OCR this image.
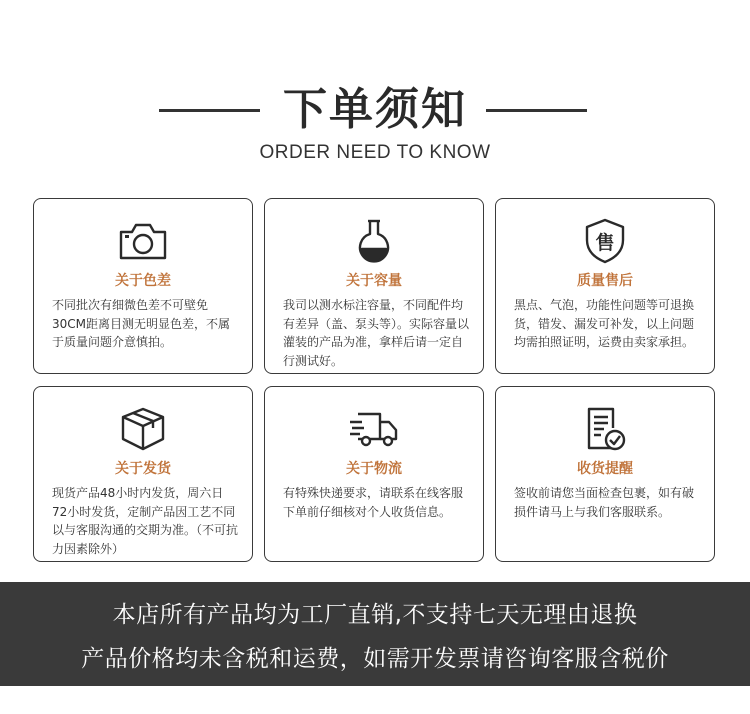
下单须知
ORDER NEED TO KNOW
关于色差
不同批次有细微色差不可壁免30CM距离目测无明显色差，不属于质量问题介意慎拍。
关于容量
我司以测水标注容量，不同配件均有差异（盖、泵头等）。实际容量以灌装的产品为准，拿样后请一定自行测试好。
售
质量售后
黑点、气泡，功能性问题等可退换货，错发、漏发可补发，以上问题均需拍照证明，运费由卖家承担。
关于发货
现货产品48小时内发货，周六日72小时发货，定制产品因工艺不同以与客服沟通的交期为准。（不可抗力因素除外）
关于物流
有特殊快递要求，请联系在线客服下单前仔细核对个人收货信息。
收货提醒
签收前请您当面检查包裹，如有破损件请马上与我们客服联系。
本店所有产品均为工厂直销,不支持七天无理由退换
产品价格均未含税和运费，如需开发票请咨询客服含税价
